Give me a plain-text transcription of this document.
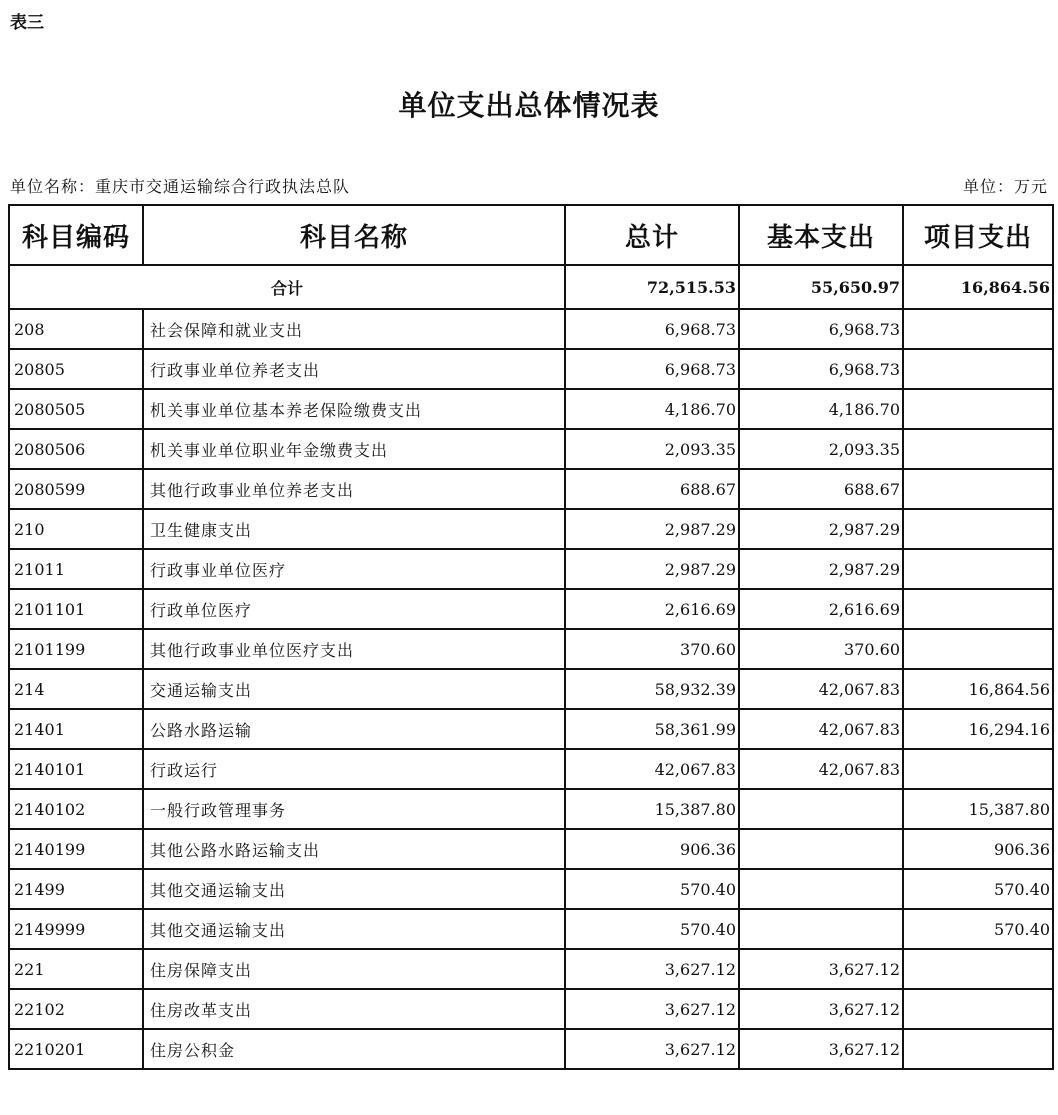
表三
单位支出总体情况表
单位名称：重庆市交通运输综合行政执法总队	单位：万元
科目编码	科目名称	总计	基本支出	项目支出
合计		72,515.53	55,650.97	16,864.56
208	社会保障和就业支出	6,968.73	6,968.73	
20805	行政事业单位养老支出	6,968.73	6,968.73	
2080505	机关事业单位基本养老保险缴费支出	4,186.70	4,186.70	
2080506	机关事业单位职业年金缴费支出	2,093.35	2,093.35	
2080599	其他行政事业单位养老支出	688.67	688.67	
210	卫生健康支出	2,987.29	2,987.29	
21011	行政事业单位医疗	2,987.29	2,987.29	
2101101	行政单位医疗	2,616.69	2,616.69	
2101199	其他行政事业单位医疗支出	370.60	370.60	
214	交通运输支出	58,932.39	42,067.83	16,864.56
21401	公路水路运输	58,361.99	42,067.83	16,294.16
2140101	行政运行	42,067.83	42,067.83	
2140102	一般行政管理事务	15,387.80		15,387.80
2140199	其他公路水路运输支出	906.36		906.36
21499	其他交通运输支出	570.40		570.40
2149999	其他交通运输支出	570.40		570.40
221	住房保障支出	3,627.12	3,627.12	
22102	住房改革支出	3,627.12	3,627.12	
2210201	住房公积金	3,627.12	3,627.12	
